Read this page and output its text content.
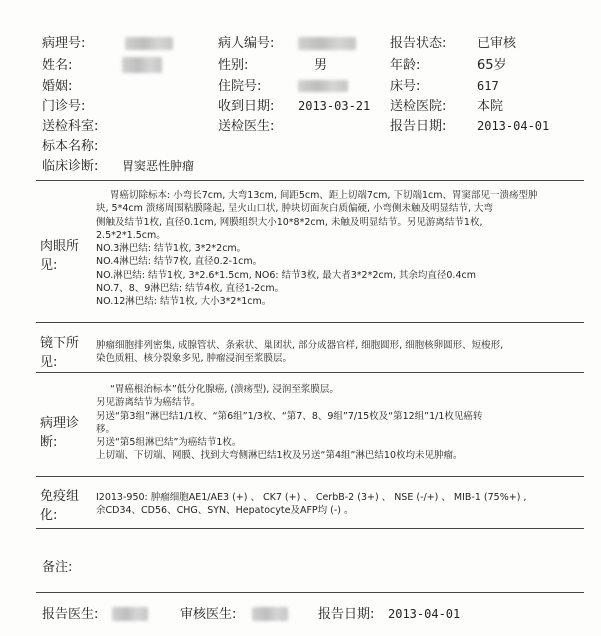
病理号:	病人编号:	报告状态: 已审核
姓名:	性别:	男	年龄:	65岁
婚姻:	住院号:	床号:	617
门诊号:	收到日期: 2013-03-21 送检医院: 本院
送检科室:	送检医生:	报告日期:	2013-04-01
标本名称:
临床诊断: 胃窦恶性肿瘤
肉眼所见:
胃癌切除标本: 小弯长7cm, 大弯13cm, 间距5cm、距上切端7cm, 下切端1cm、胃窦部见一溃疡型肿
块, 5*4cm 溃疡周围粘膜隆起, 呈火山口状, 肿块切面灰白质偏硬, 小弯侧未触及明显结节, 大弯
侧触及结节1枚, 直径0.1cm, 网膜组织大小10*8*2cm, 未触及明显结节。另见游离结节1枚,
2.5*2*1.5cm。
NO.3淋巴结: 结节1枚, 3*2*2cm。
NO.4淋巴结: 结节7枚, 直径0.2-1cm。
NO.淋巴结: 结节1枚, 3*2.6*1.5cm, NO6: 结节3枚, 最大者3*2*2cm, 其余均直径0.4cm
NO.7、8、9淋巴结: 结节4枚, 直径1-2cm。
NO.12淋巴结: 结节1枚, 大小3*2*1cm。
镜下所见:
肿瘤细胞排列密集, 成腺管状、条索状、巢团状, 部分成器官样, 细胞圆形, 细胞核卵圆形、短梭形,
染色质粗、核分裂象多见, 肿瘤浸润至浆膜层。
病理诊断:
“胃癌根治标本”低分化腺癌, (溃疡型), 浸润至浆膜层。
另见游离结节为癌结节。
另送“第3组”淋巴结1/1枚、“第6组”1/3枚、“第7、8、9组”7/15枚及“第12组”1/1枚见癌转
移。
另送“第5组淋巴结”为癌结节1枚。
上切端、下切端、网膜、找到大弯侧淋巴结1枚及另送“第4组”淋巴结10枚均未见肿瘤。
免疫组化:
I2013-950: 肿瘤细胞AE1/AE3 (+) 、 CK7 (+) 、 CerbB-2 (3+) 、 NSE (-/+) 、 MIB-1 (75%+) ,
余CD34、CD56、CHG、SYN、Hepatocyte及AFP均 (-) 。
备注:
报告医生:	审核医生:	报告日期: 2013-04-01
